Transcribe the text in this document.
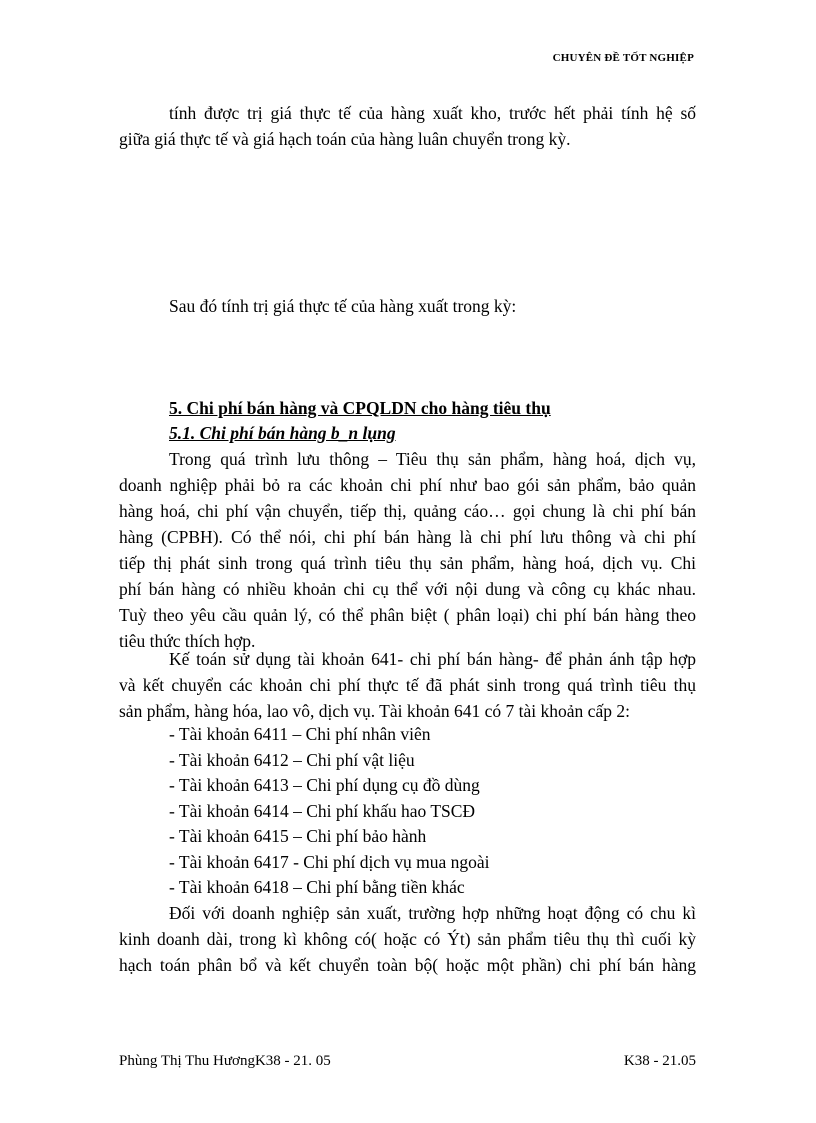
CHUYÊN ĐỀ TỐT NGHIỆP
tính được trị giá thực tế của hàng xuất kho, trước hết phải tính hệ số
giữa giá thực tế và giá hạch toán của hàng luân chuyển trong kỳ.
Sau đó tính trị giá thực tế của hàng xuất trong kỳ:
5. Chi phí bán hàng và CPQLDN cho hàng tiêu thụ
5.1. Chi phí bán hàng b_n lụng
Trong quá trình lưu thông – Tiêu thụ sản phẩm, hàng hoá, dịch vụ,
doanh nghiệp phải bỏ ra các khoản chi phí như bao gói sản phẩm, bảo quản
hàng hoá, chi phí vận chuyển, tiếp thị, quảng cáo… gọi chung là chi phí bán
hàng (CPBH). Có thể nói, chi phí bán hàng là chi phí lưu thông và chi phí
tiếp thị phát sinh trong quá trình tiêu thụ sản phẩm, hàng hoá, dịch vụ. Chi
phí bán hàng có nhiều khoản chi cụ thể với nội dung và công cụ khác nhau.
Tuỳ theo yêu cầu quản lý, có thể phân biệt ( phân loại) chi phí bán hàng theo
tiêu thức thích hợp.
Kế toán sử dụng tài khoản 641- chi phí bán hàng- để phản ánh tập hợp
và kết chuyển các khoản chi phí thực tế đã phát sinh trong quá trình tiêu thụ
sản phẩm, hàng hóa, lao vô, dịch vụ. Tài khoản 641 có 7 tài khoản cấp 2:
- Tài khoản 6411 – Chi phí nhân viên
- Tài khoản 6412 – Chi phí vật liệu
- Tài khoản 6413 – Chi phí dụng cụ đồ dùng
- Tài khoản 6414 – Chi phí khấu hao TSCĐ
- Tài khoản 6415 – Chi phí bảo hành
- Tài khoản 6417 - Chi phí dịch vụ mua ngoài
- Tài khoản 6418 – Chi phí bằng tiền khác
Đối với doanh nghiệp sản xuất, trường hợp những hoạt động có chu kì
kinh doanh dài, trong kì không có( hoặc có Ýt) sản phẩm tiêu thụ thì cuối kỳ
hạch toán phân bổ và kết chuyển toàn bộ( hoặc một phần) chi phí bán hàng
Phùng Thị Thu HươngK38 - 21. 05	K38 - 21.05
